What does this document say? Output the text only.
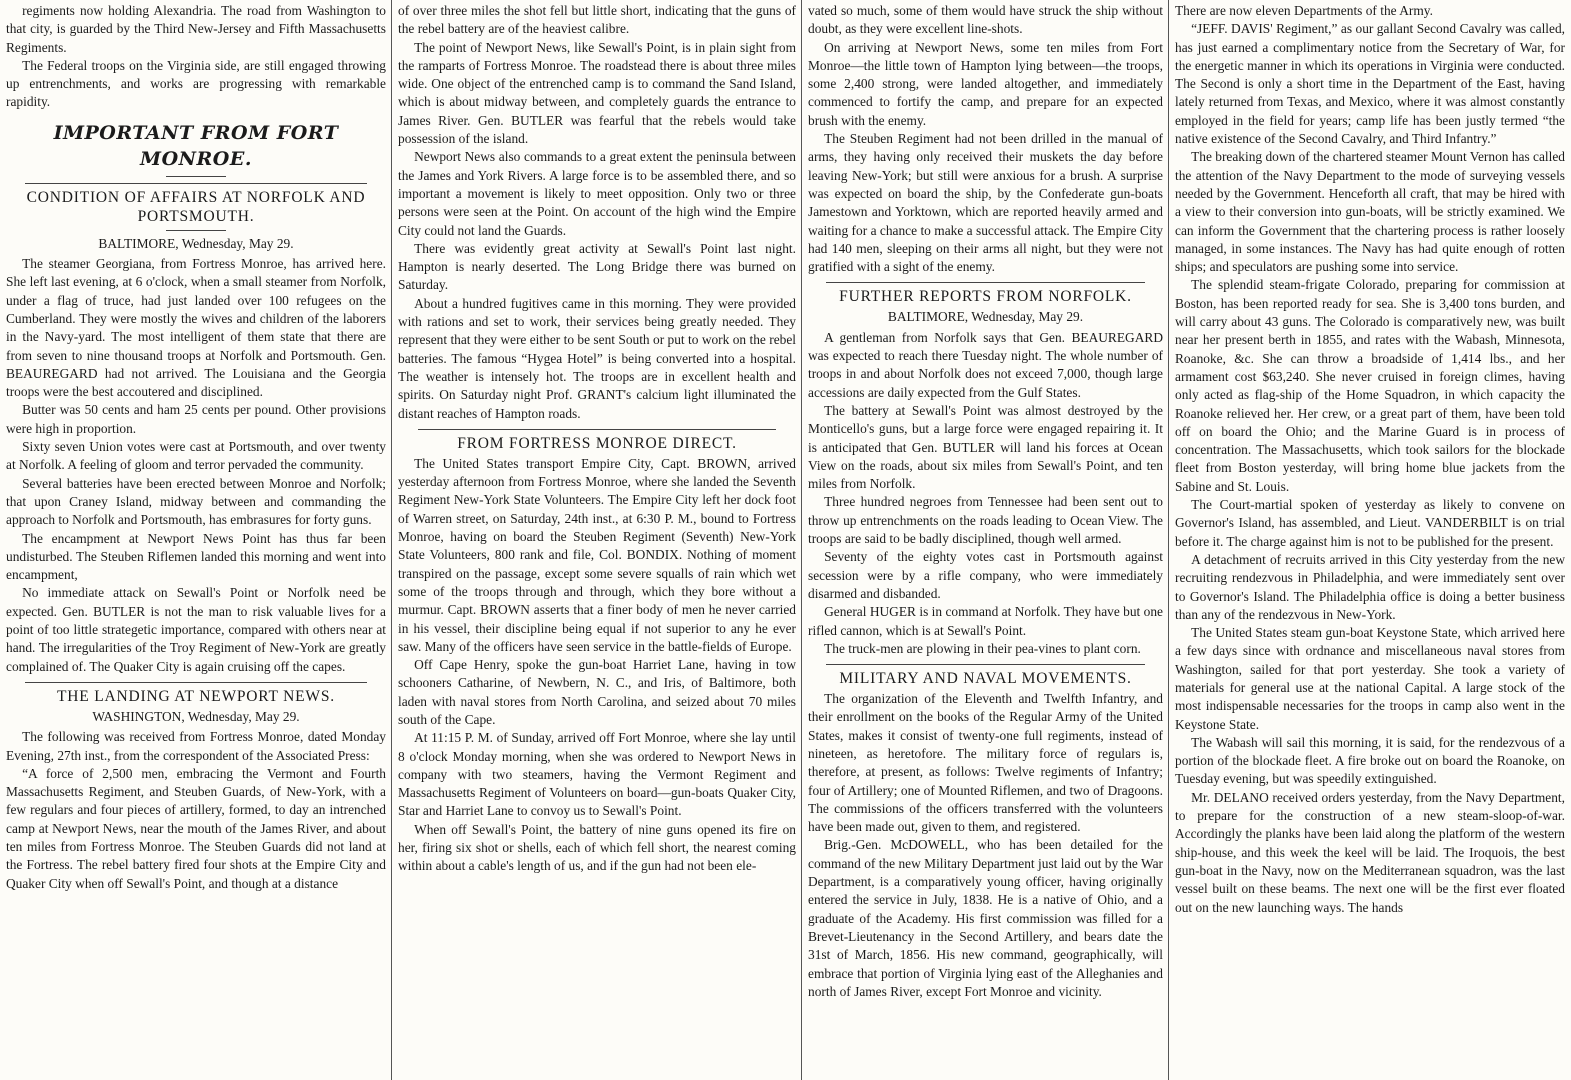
regiments now holding Alexandria. The road from Washington to that city, is guarded by the Third New-Jersey and Fifth Massachusetts Regiments.

The Federal troops on the Virginia side, are still engaged throwing up entrenchments, and works are progressing with remarkable rapidity.

IMPORTANT FROM FORT MONROE.
CONDITION OF AFFAIRS AT NORFOLK AND PORTSMOUTH.
BALTIMORE, Wednesday, May 29.

The steamer Georgiana, from Fortress Monroe, has arrived here. She left last evening, at 6 o'clock, when a small steamer from Norfolk, under a flag of truce, had just landed over 100 refugees on the Cumberland. They were mostly the wives and children of the laborers in the Navy-yard. The most intelligent of them state that there are from seven to nine thousand troops at Norfolk and Portsmouth. Gen. BEAUREGARD had not arrived. The Louisiana and the Georgia troops were the best accoutered and disciplined.

Butter was 50 cents and ham 25 cents per pound. Other provisions were high in proportion.

Sixty seven Union votes were cast at Portsmouth, and over twenty at Norfolk. A feeling of gloom and terror pervaded the community.

Several batteries have been erected between Monroe and Norfolk; that upon Craney Island, midway between and commanding the approach to Norfolk and Portsmouth, has embrasures for forty guns.

The encampment at Newport News Point has thus far been undisturbed. The Steuben Riflemen landed this morning and went into encampment,

No immediate attack on Sewall's Point or Norfolk need be expected. Gen. BUTLER is not the man to risk valuable lives for a point of too little strategetic importance, compared with others near at hand. The irregularities of the Troy Regiment of New-York are greatly complained of. The Quaker City is again cruising off the capes.

THE LANDING AT NEWPORT NEWS.
WASHINGTON, Wednesday, May 29.

The following was received from Fortress Monroe, dated Monday Evening, 27th inst., from the correspondent of the Associated Press:

“A force of 2,500 men, embracing the Vermont and Fourth Massachusetts Regiment, and Steuben Guards, of New-York, with a few regulars and four pieces of artillery, formed, to day an intrenched camp at Newport News, near the mouth of the James River, and about ten miles from Fortress Monroe. The Steuben Guards did not land at the Fortress. The rebel battery fired four shots at the Empire City and Quaker City when off Sewall's Point, and though at a distance

of over three miles the shot fell but little short, indicating that the guns of the rebel battery are of the heaviest calibre.

The point of Newport News, like Sewall's Point, is in plain sight from the ramparts of Fortress Monroe. The roadstead there is about three miles wide. One object of the entrenched camp is to command the Sand Island, which is about midway between, and completely guards the entrance to James River. Gen. BUTLER was fearful that the rebels would take possession of the island.

Newport News also commands to a great extent the peninsula between the James and York Rivers. A large force is to be assembled there, and so important a movement is likely to meet opposition. Only two or three persons were seen at the Point. On account of the high wind the Empire City could not land the Guards.

There was evidently great activity at Sewall's Point last night. Hampton is nearly deserted. The Long Bridge there was burned on Saturday.

About a hundred fugitives came in this morning. They were provided with rations and set to work, their services being greatly needed. They represent that they were either to be sent South or put to work on the rebel batteries. The famous “Hygea Hotel” is being converted into a hospital. The weather is intensely hot. The troops are in excellent health and spirits. On Saturday night Prof. GRANT's calcium light illuminated the distant reaches of Hampton roads.

FROM FORTRESS MONROE DIRECT.

The United States transport Empire City, Capt. BROWN, arrived yesterday afternoon from Fortress Monroe, where she landed the Seventh Regiment New-York State Volunteers. The Empire City left her dock foot of Warren street, on Saturday, 24th inst., at 6:30 P. M., bound to Fortress Monroe, having on board the Steuben Regiment (Seventh) New-York State Volunteers, 800 rank and file, Col. BONDIX. Nothing of moment transpired on the passage, except some severe squalls of rain which wet some of the troops through and through, which they bore without a murmur. Capt. BROWN asserts that a finer body of men he never carried in his vessel, their discipline being equal if not superior to any he ever saw. Many of the officers have seen service in the battle-fields of Europe.

Off Cape Henry, spoke the gun-boat Harriet Lane, having in tow schooners Catharine, of Newbern, N. C., and Iris, of Baltimore, both laden with naval stores from North Carolina, and seized about 70 miles south of the Cape.

At 11:15 P. M. of Sunday, arrived off Fort Monroe, where she lay until 8 o'clock Monday morning, when she was ordered to Newport News in company with two steamers, having the Vermont Regiment and Massachusetts Regiment of Volunteers on board—gun-boats Quaker City, Star and Harriet Lane to convoy us to Sewall's Point.

When off Sewall's Point, the battery of nine guns opened its fire on her, firing six shot or shells, each of which fell short, the nearest coming within about a cable's length of us, and if the gun had not been ele-

vated so much, some of them would have struck the ship without doubt, as they were excellent line-shots.

On arriving at Newport News, some ten miles from Fort Monroe—the little town of Hampton lying between—the troops, some 2,400 strong, were landed altogether, and immediately commenced to fortify the camp, and prepare for an expected brush with the enemy.

The Steuben Regiment had not been drilled in the manual of arms, they having only received their muskets the day before leaving New-York; but still were anxious for a brush. A surprise was expected on board the ship, by the Confederate gun-boats Jamestown and Yorktown, which are reported heavily armed and waiting for a chance to make a successful attack. The Empire City had 140 men, sleeping on their arms all night, but they were not gratified with a sight of the enemy.

FURTHER REPORTS FROM NORFOLK.
BALTIMORE, Wednesday, May 29.

A gentleman from Norfolk says that Gen. BEAUREGARD was expected to reach there Tuesday night. The whole number of troops in and about Norfolk does not exceed 7,000, though large accessions are daily expected from the Gulf States.

The battery at Sewall's Point was almost destroyed by the Monticello's guns, but a large force were engaged repairing it. It is anticipated that Gen. BUTLER will land his forces at Ocean View on the roads, about six miles from Sewall's Point, and ten miles from Norfolk.

Three hundred negroes from Tennessee had been sent out to throw up entrenchments on the roads leading to Ocean View. The troops are said to be badly disciplined, though well armed.

Seventy of the eighty votes cast in Portsmouth against secession were by a rifle company, who were immediately disarmed and disbanded.

General HUGER is in command at Norfolk. They have but one rifled cannon, which is at Sewall's Point.

The truck-men are plowing in their pea-vines to plant corn.

MILITARY AND NAVAL MOVEMENTS.

The organization of the Eleventh and Twelfth Infantry, and their enrollment on the books of the Regular Army of the United States, makes it consist of twenty-one full regiments, instead of nineteen, as heretofore. The military force of regulars is, therefore, at present, as follows: Twelve regiments of Infantry; four of Artillery; one of Mounted Riflemen, and two of Dragoons. The commissions of the officers transferred with the volunteers have been made out, given to them, and registered.

Brig.-Gen. McDOWELL, who has been detailed for the command of the new Military Department just laid out by the War Department, is a comparatively young officer, having originally entered the service in July, 1838. He is a native of Ohio, and a graduate of the Academy. His first commission was filled for a Brevet-Lieutenancy in the Second Artillery, and bears date the 31st of March, 1856. His new command, geographically, will embrace that portion of Virginia lying east of the Alleghanies and north of James River, except Fort Monroe and vicinity.

There are now eleven Departments of the Army.

“JEFF. DAVIS' Regiment,” as our gallant Second Cavalry was called, has just earned a complimentary notice from the Secretary of War, for the energetic manner in which its operations in Virginia were conducted. The Second is only a short time in the Department of the East, having lately returned from Texas, and Mexico, where it was almost constantly employed in the field for years; camp life has been justly termed “the native existence of the Second Cavalry, and Third Infantry.”

The breaking down of the chartered steamer Mount Vernon has called the attention of the Navy Department to the mode of surveying vessels needed by the Government. Henceforth all craft, that may be hired with a view to their conversion into gun-boats, will be strictly examined. We can inform the Government that the chartering process is rather loosely managed, in some instances. The Navy has had quite enough of rotten ships; and speculators are pushing some into service.

The splendid steam-frigate Colorado, preparing for commission at Boston, has been reported ready for sea. She is 3,400 tons burden, and will carry about 43 guns. The Colorado is comparatively new, was built near her present berth in 1855, and rates with the Wabash, Minnesota, Roanoke, &c. She can throw a broadside of 1,414 lbs., and her armament cost $63,240. She never cruised in foreign climes, having only acted as flag-ship of the Home Squadron, in which capacity the Roanoke relieved her. Her crew, or a great part of them, have been told off on board the Ohio; and the Marine Guard is in process of concentration. The Massachusetts, which took sailors for the blockade fleet from Boston yesterday, will bring home blue jackets from the Sabine and St. Louis.

The Court-martial spoken of yesterday as likely to convene on Governor's Island, has assembled, and Lieut. VANDERBILT is on trial before it. The charge against him is not to be published for the present.

A detachment of recruits arrived in this City yesterday from the new recruiting rendezvous in Philadelphia, and were immediately sent over to Governor's Island. The Philadelphia office is doing a better business than any of the rendezvous in New-York.

The United States steam gun-boat Keystone State, which arrived here a few days since with ordnance and miscellaneous naval stores from Washington, sailed for that port yesterday. She took a variety of materials for general use at the national Capital. A large stock of the most indispensable necessaries for the troops in camp also went in the Keystone State.

The Wabash will sail this morning, it is said, for the rendezvous of a portion of the blockade fleet. A fire broke out on board the Roanoke, on Tuesday evening, but was speedily extinguished.

Mr. DELANO received orders yesterday, from the Navy Department, to prepare for the construction of a new steam-sloop-of-war. Accordingly the planks have been laid along the platform of the western ship-house, and this week the keel will be laid. The Iroquois, the best gun-boat in the Navy, now on the Mediterranean squadron, was the last vessel built on these beams. The next one will be the first ever floated out on the new launching ways. The hands
